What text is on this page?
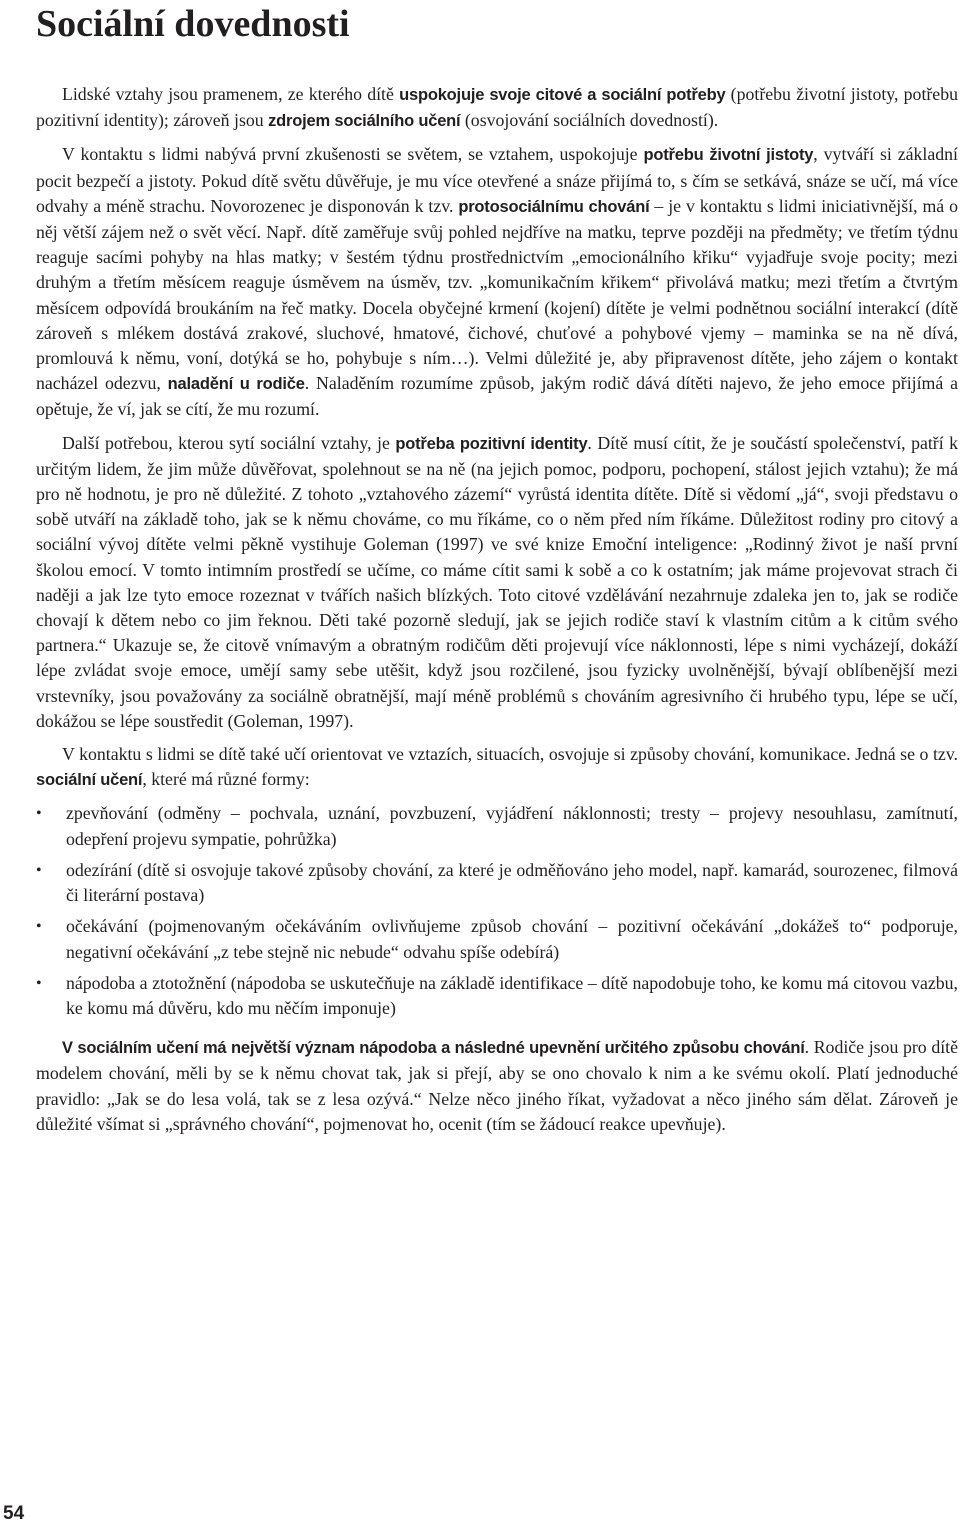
Sociální dovednosti

Lidské vztahy jsou pramenem, ze kterého dítě uspokojuje svoje citové a sociální potřeby (potřebu životní jistoty, potřebu pozitivní identity); zároveň jsou zdrojem sociálního učení (osvojování sociálních dovedností).

V kontaktu s lidmi nabývá první zkušenosti se světem, se vztahem, uspokojuje potřebu životní jistoty, vytváří si základní pocit bezpečí a jistoty. Pokud dítě světu důvěřuje, je mu více otevřené a snáze přijímá to, s čím se setkává, snáze se učí, má více odvahy a méně strachu. Novorozenec je disponován k tzv. protosociálnímu chování – je v kontaktu s lidmi iniciativnější, má o něj větší zájem než o svět věcí. Např. dítě zaměřuje svůj pohled nejdříve na matku, teprve později na předměty; ve třetím týdnu reaguje sacími pohyby na hlas matky; v šestém týdnu prostřednictvím „emocionálního křiku“ vyjadřuje svoje pocity; mezi druhým a třetím měsícem reaguje úsměvem na úsměv, tzv. „komunikačním křikem“ přivolává matku; mezi třetím a čtvrtým měsícem odpovídá broukáním na řeč matky. Docela obyčejné krmení (kojení) dítěte je velmi podnětnou sociální interakcí (dítě zároveň s mlékem dostává zrakové, sluchové, hmatové, čichové, chuťové a pohybové vjemy – maminka se na ně dívá, promlouvá k němu, voní, dotýká se ho, pohybuje s ním…). Velmi důležité je, aby připravenost dítěte, jeho zájem o kontakt nacházel odezvu, naladění u rodiče. Naladěním rozumíme způsob, jakým rodič dává dítěti najevo, že jeho emoce přijímá a opětuje, že ví, jak se cítí, že mu rozumí.

Další potřebou, kterou sytí sociální vztahy, je potřeba pozitivní identity. Dítě musí cítit, že je součástí společenství, patří k určitým lidem, že jim může důvěřovat, spolehnout se na ně (na jejich pomoc, podporu, pochopení, stálost jejich vztahu); že má pro ně hodnotu, je pro ně důležité. Z tohoto „vztahového zázemí“ vyrůstá identita dítěte. Dítě si vědomí „já“, svoji představu o sobě utváří na základě toho, jak se k němu chováme, co mu říkáme, co o něm před ním říkáme. Důležitost rodiny pro citový a sociální vývoj dítěte velmi pěkně vystihuje Goleman (1997) ve své knize Emoční inteligence: „Rodinný život je naší první školou emocí. V tomto intimním prostředí se učíme, co máme cítit sami k sobě a co k ostatním; jak máme projevovat strach či naději a jak lze tyto emoce rozeznat v tvářích našich blízkých. Toto citové vzdělávání nezahrnuje zdaleka jen to, jak se rodiče chovají k dětem nebo co jim řeknou. Děti také pozorně sledují, jak se jejich rodiče staví k vlastním citům a k citům svého partnera.“ Ukazuje se, že citově vnímavým a obratným rodičům děti projevují více náklonnosti, lépe s nimi vycházejí, dokáží lépe zvládat svoje emoce, umějí samy sebe utěšit, když jsou rozčilené, jsou fyzicky uvolněnější, bývají oblíbenější mezi vrstevníky, jsou považovány za sociálně obratnější, mají méně problémů s chováním agresivního či hrubého typu, lépe se učí, dokážou se lépe soustředit (Goleman, 1997).

V kontaktu s lidmi se dítě také učí orientovat ve vztazích, situacích, osvojuje si způsoby chování, komunikace. Jedná se o tzv. sociální učení, které má různé formy:

• zpevňování (odměny – pochvala, uznání, povzbuzení, vyjádření náklonnosti; tresty – projevy nesouhlasu, zamítnutí, odepření projevu sympatie, pohrůžka)
• odezírání (dítě si osvojuje takové způsoby chování, za které je odměňováno jeho model, např. kamarád, sourozenec, filmová či literární postava)
• očekávání (pojmenovaným očekáváním ovlivňujeme způsob chování – pozitivní očekávání „dokážeš to“ podporuje, negativní očekávání „z tebe stejně nic nebude“ odvahu spíše odebírá)
• nápodoba a ztotožnění (nápodoba se uskutečňuje na základě identifikace – dítě napodobuje toho, ke komu má citovou vazbu, ke komu má důvěru, kdo mu něčím imponuje)

V sociálním učení má největší význam nápodoba a následné upevnění určitého způsobu chování. Rodiče jsou pro dítě modelem chování, měli by se k němu chovat tak, jak si přejí, aby se ono chovalo k nim a ke svému okolí. Platí jednoduché pravidlo: „Jak se do lesa volá, tak se z lesa ozývá.“ Nelze něco jiného říkat, vyžadovat a něco jiného sám dělat. Zároveň je důležité všímat si „správného chování“, pojmenovat ho, ocenit (tím se žádoucí reakce upevňuje).

54
